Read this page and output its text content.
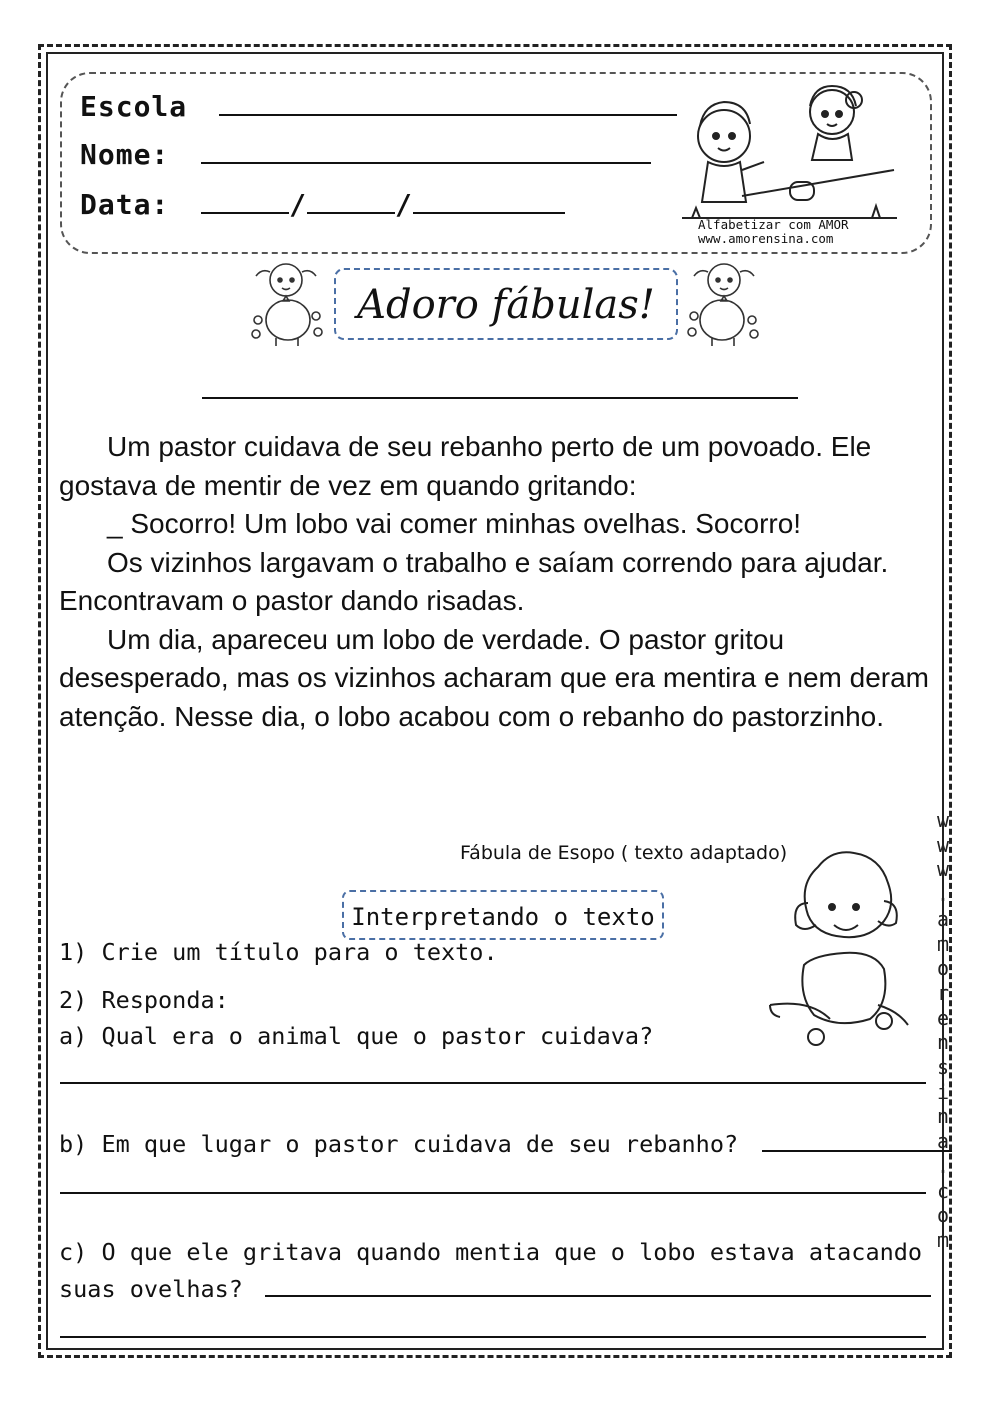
Escola
Nome:
Data:	/	/
Alfabetizar com AMOR
www.amorensina.com
Adoro fábulas!

Um pastor cuidava de seu rebanho perto de um povoado. Ele gostava de mentir de vez em quando gritando:

_ Socorro! Um lobo vai comer minhas ovelhas. Socorro!

Os vizinhos largavam o trabalho e saíam correndo para ajudar. Encontravam o pastor dando risadas.

Um dia, apareceu um lobo de verdade. O pastor gritou desesperado, mas os vizinhos acharam que era mentira e nem deram atenção. Nesse dia, o lobo acabou com o rebanho do pastorzinho.

Fábula de Esopo ( texto adaptado)
Interpretando o texto
1) Crie um título para o texto.
2) Responda:
a) Qual era o animal que o pastor cuidava?
b) Em que lugar o pastor cuidava de seu rebanho?
c) O que ele gritava quando mentia que o lobo estava atacando
suas ovelhas?
w
w
w
.
a
m
o
r
e
n
s
i
n
a
.
c
o
m
